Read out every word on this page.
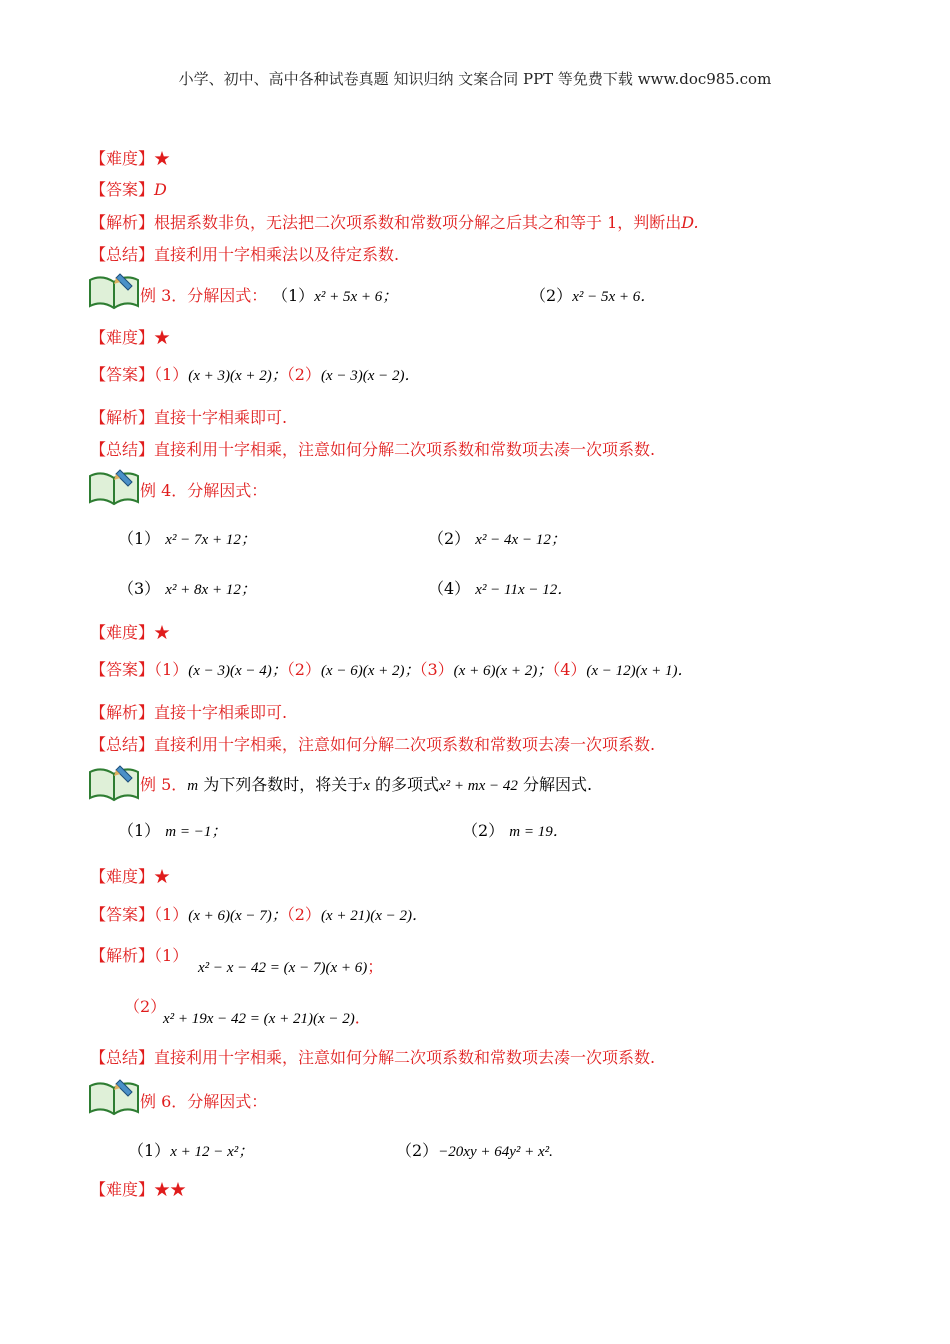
小学、初中、高中各种试卷真题 知识归纳 文案合同 PPT 等免费下载 www.doc985.com
【难度】★
【答案】D
【解析】根据系数非负，无法把二次项系数和常数项分解之后其之和等于 1，判断出D.
【总结】直接利用十字相乘法以及待定系数.
例 3．分解因式： （1）x² + 5x + 6；	（2）x² − 5x + 6．
【难度】★
【答案】（1）(x + 3)(x + 2)；（2）(x − 3)(x − 2)．
【解析】直接十字相乘即可.
【总结】直接利用十字相乘，注意如何分解二次项系数和常数项去凑一次项系数.
例 4．分解因式：
（1） x² − 7x + 12；	（2） x² − 4x − 12；
（3） x² + 8x + 12；	（4） x² − 11x − 12．
【难度】★
【答案】（1）(x − 3)(x − 4)；（2）(x − 6)(x + 2)；（3）(x + 6)(x + 2)；（4）(x − 12)(x + 1)．
【解析】直接十字相乘即可.
【总结】直接利用十字相乘，注意如何分解二次项系数和常数项去凑一次项系数.
例 5．m 为下列各数时，将关于x 的多项式x² + mx − 42 分解因式.
（1） m = −1；	（2） m = 19．
【难度】★
【答案】（1）(x + 6)(x − 7)；（2）(x + 21)(x − 2)．
【解析】（1）
x² − x − 42 = (x − 7)(x + 6)；
（2）
x² + 19x − 42 = (x + 21)(x − 2)．
【总结】直接利用十字相乘，注意如何分解二次项系数和常数项去凑一次项系数.
例 6．分解因式：
（1）x + 12 − x²；	（2）−20xy + 64y² + x².
【难度】★★
